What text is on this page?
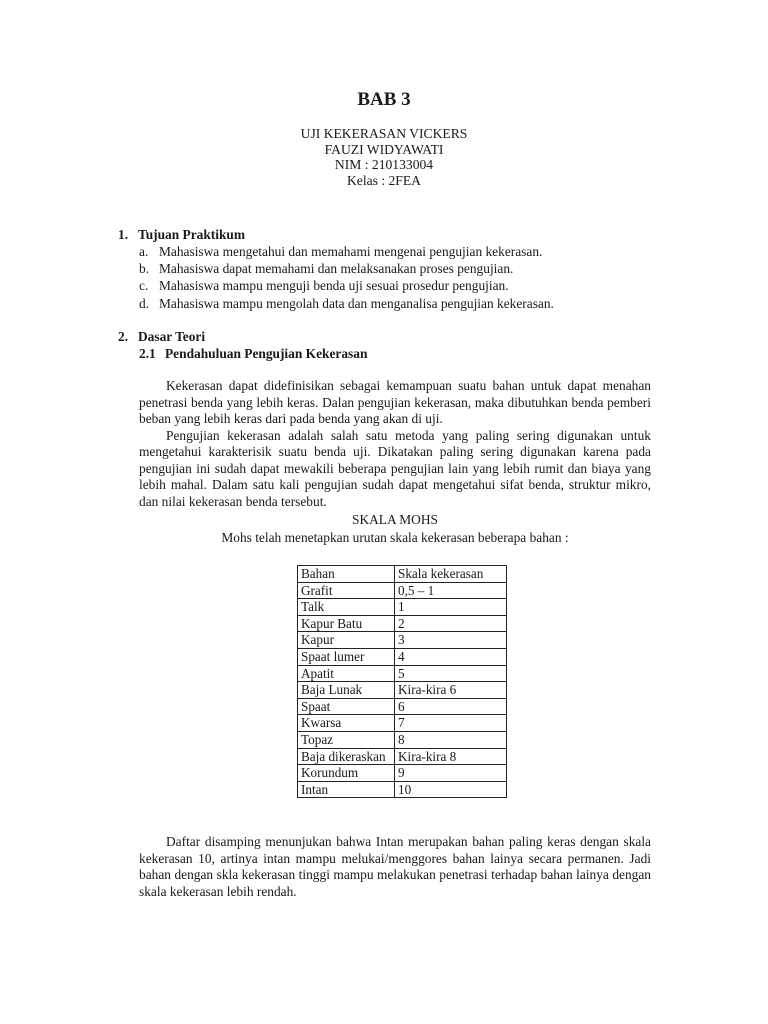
BAB 3
UJI KEKERASAN VICKERS
FAUZI WIDYAWATI
NIM : 210133004
Kelas : 2FEA
1. Tujuan Praktikum
a. Mahasiswa mengetahui dan memahami mengenai pengujian kekerasan.
b. Mahasiswa dapat memahami dan melaksanakan proses pengujian.
c. Mahasiswa mampu menguji benda uji sesuai prosedur pengujian.
d. Mahasiswa mampu mengolah data dan menganalisa pengujian kekerasan.
2. Dasar Teori
2.1 Pendahuluan Pengujian Kekerasan

Kekerasan dapat didefinisikan sebagai kemampuan suatu bahan untuk dapat menahan penetrasi benda yang lebih keras. Dalan pengujian kekerasan, maka dibutuhkan benda pemberi beban yang lebih keras dari pada benda yang akan di uji.

Pengujian kekerasan adalah salah satu metoda yang paling sering digunakan untuk mengetahui karakterisik suatu benda uji. Dikatakan paling sering digunakan karena pada pengujian ini sudah dapat mewakili beberapa pengujian lain yang lebih rumit dan biaya yang lebih mahal. Dalam satu kali pengujian sudah dapat mengetahui sifat benda, struktur mikro, dan nilai kekerasan benda tersebut.

SKALA MOHS
Mohs telah menetapkan urutan skala kekerasan beberapa bahan :
Bahan	Skala kekerasan
Grafit	0,5 – 1
Talk	1
Kapur Batu	2
Kapur	3
Spaat lumer	4
Apatit	5
Baja Lunak	Kira-kira 6
Spaat	6
Kwarsa	7
Topaz	8
Baja dikeraskan	Kira-kira 8
Korundum	9
Intan	10

Daftar disamping menunjukan bahwa Intan merupakan bahan paling keras dengan skala kekerasan 10, artinya intan mampu melukai/menggores bahan lainya secara permanen. Jadi bahan dengan skla kekerasan tinggi mampu melakukan penetrasi terhadap bahan lainya dengan skala kekerasan lebih rendah.
